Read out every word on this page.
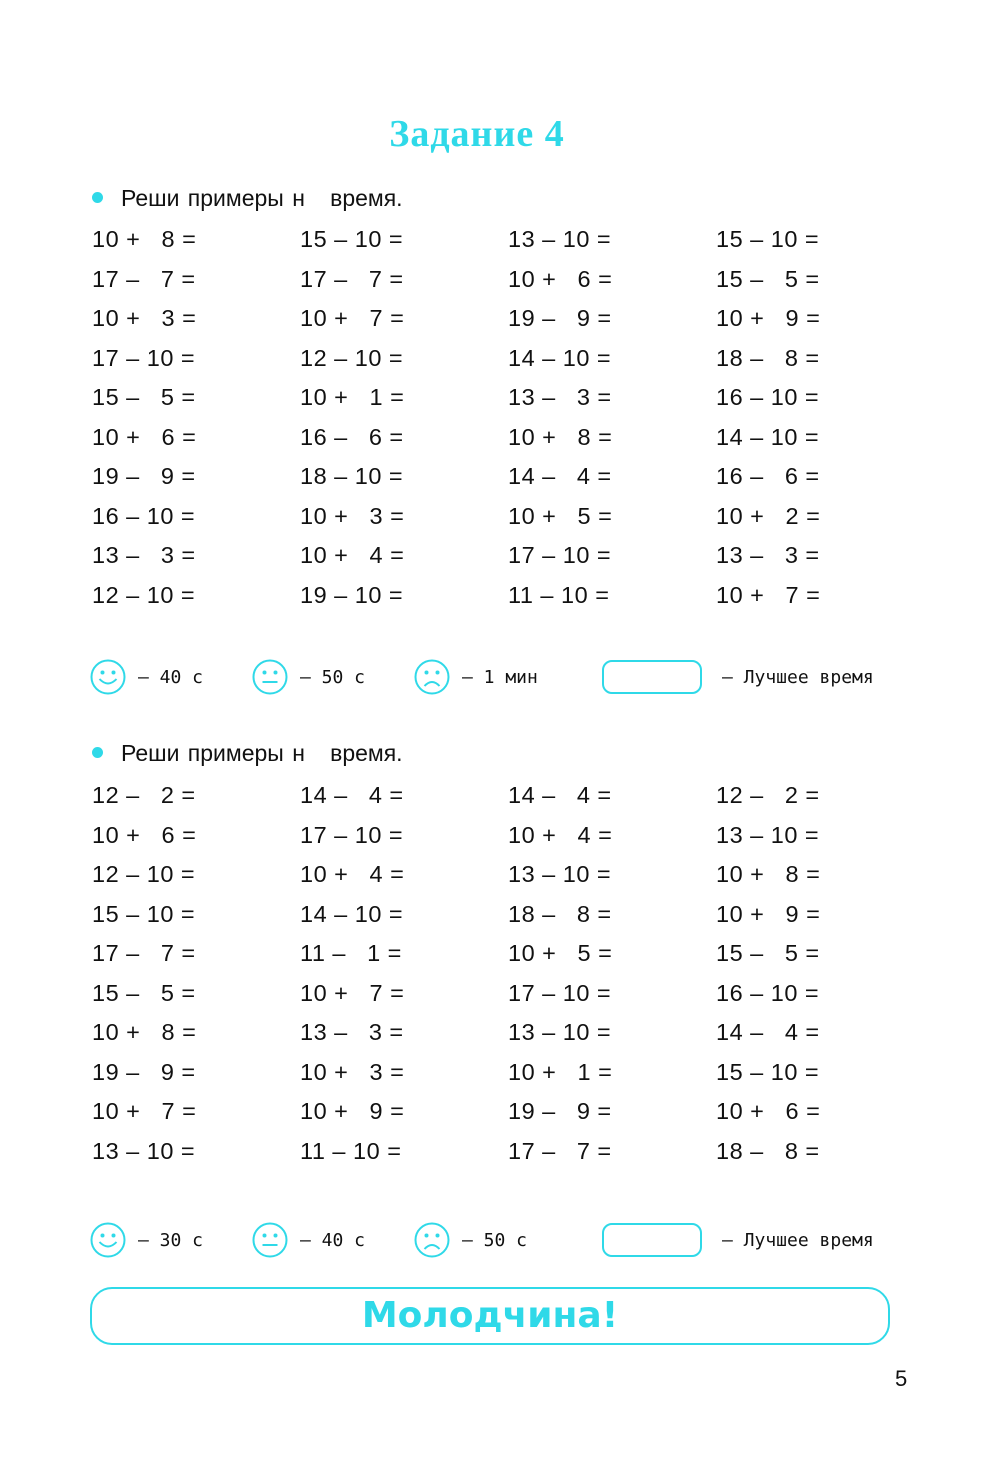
Задание 4
Реши примеры н   время.
10 +   8 =	15 – 10 =	13 – 10 =	15 – 10 =
17 –   7 =	17 –   7 =	10 +   6 =	15 –   5 =
10 +   3 =	10 +   7 =	19 –   9 =	10 +   9 =
17 – 10 =	12 – 10 =	14 – 10 =	18 –   8 =
15 –   5 =	10 +   1 =	13 –   3 =	16 – 10 =
10 +   6 =	16 –   6 =	10 +   8 =	14 – 10 =
19 –   9 =	18 – 10 =	14 –   4 =	16 –   6 =
16 – 10 =	10 +   3 =	10 +   5 =	10 +   2 =
13 –   3 =	10 +   4 =	17 – 10 =	13 –   3 =
12 – 10 =	19 – 10 =	11 – 10 =	10 +   7 =
— 40 с	— 50 с	— 1 мин	— Лучшее время
Реши примеры н   время.
12 –   2 =	14 –   4 =	14 –   4 =	12 –   2 =
10 +   6 =	17 – 10 =	10 +   4 =	13 – 10 =
12 – 10 =	10 +   4 =	13 – 10 =	10 +   8 =
15 – 10 =	14 – 10 =	18 –   8 =	10 +   9 =
17 –   7 =	11 –   1 =	10 +   5 =	15 –   5 =
15 –   5 =	10 +   7 =	17 – 10 =	16 – 10 =
10 +   8 =	13 –   3 =	13 – 10 =	14 –   4 =
19 –   9 =	10 +   3 =	10 +   1 =	15 – 10 =
10 +   7 =	10 +   9 =	19 –   9 =	10 +   6 =
13 – 10 =	11 – 10 =	17 –   7 =	18 –   8 =
— 30 с	— 40 с	— 50 с	— Лучшее время
Молодчина!
5
